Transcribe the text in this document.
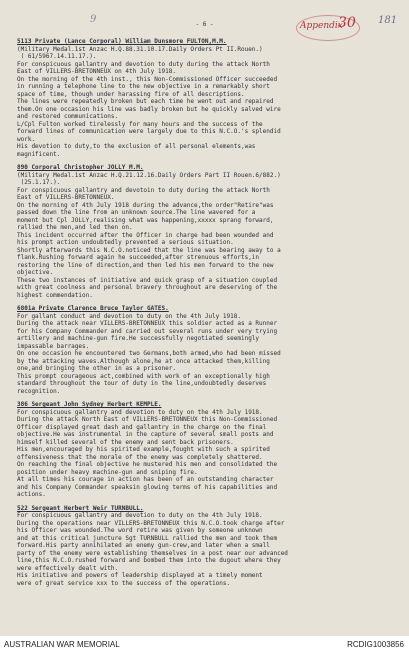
9
Appendix
30 181
- 6 -
5113 Private (Lance Corporal) William Dunsmore FULTON,M.M.
(Military Medal.1st Anzac H.Q.88.31.10.17.Daily Orders Pt II.Rouen.)
( 61/5967.14.11.17.).
For conspicuous gallantry and devotion to duty during the attack North
East of VILLERS-BRETONNEUX on 4th July 1918.
On the morning of the 4th inst., this Non-Commissioned Officer succeeded
in running a telephone line to the new objective in a remarkably short
space of time, though under harassing fire of all descriptions.
The lines were repeatedly broken but each time he went out and repaired
them.On one occasion his line was badly broken but he quickly salved wire
and restored communications.
L/Cpl Fulton worked tirelessly for many hours and the success of the
forward lines of communication were largely due to this N.C.O.'s splendid
work.
His devotion to duty,to the exclusion of all personal elements,was
magnificent.
890 Corporal Christopher JOLLY M.M.
(Military Medal.1st Anzac H.Q.21.12.16.Daily Orders Part II Rouen.6/882.)
(25.1.17.).
For conspicuous gallantry and devotoin to duty during the attack North
East of VILLERS-BRETONNEUX.
On the morning of 4th July 1918 during the advance,the order"Retire"was
passed down the line from an unknown source.The line wavered for a
moment but Cpl JOLLY,realising what was happening,xxxxx sprang forward,
rallied the men,and led then on.
This incident occurred after the Officer in charge had been wounded and
his prompt action undoubtedly prevented a serious situation.
Shortly afterwards this N.C.O.noticed that the line was bearing away to a
flank.Rushing forward again he succeeded,after strenuous efforts,in
restoring the line of direction,and then led his men forward to the new
objective.
These two instances of initiative and quick grasp of a situation coupled
with great coolness and personal bravery throughout are deserving of the
highest commendation.
6801a Private Clarence Bruce Taylor GATES.
For gallant conduct and devotion to duty on the 4th July 1918.
During the attack near VILLERS-BRETONNEUX this soldier acted as a Runner
for his Company Commander and carried out several runs under very trying
artillery and machine-gun fire.He successfully negotiated seemingly
impassable barrages.
On one occasion he encountered two Germans,both armed,who had been missed
by the attacking waves.Although alone,he at once attacked them,killing
one,and bringing the other in as a prisoner.
This prompt courageous act,combined with work of an exceptionally high
standard throughout the tour of duty in the line,undoubtedly deserves
recognition.
386 Sergeant John Sydney Herbert KEMPLE.
For conspicuous gallantry and devotion to duty on the 4th July 1918.
During the attack North East of VILLERS-BRETONNEUX this Non-Commissioned
Officer displayed great dash and gallantry in the charge on the final
objective.He was instrumental in the capture of several small posts and
himself killed several of the enemy and sent back prisoners.
His men,encouraged by his spirited example,fought with such a spirited
offensiveness that the morale of the enemy was completely shattered.
On reaching the final objective he mustered his men and consolidated the
position under heavy machine-gun and sniping fire.
At all times his courage in action has been of an outstanding character
and his Company Commander speaksin glowing terms of his capabilities and
actions.
522 Sergeant Herbert Weir TURNBULL.
For conspicuous gallantry and devotion to duty on the 4th July 1918.
During the operations near VILLERS-BRETONNEUX this N.C.O.took charge after
his Officer was wounded.The word retire was given by someone unknown
and at this critical juncture Sgt TURNBULL rallied the men and took them
forward.His party annihilated an enemy gun-crew,and later when a small
party of the enemy were establishing themselves in a post near our advanced
line,this N.C.O.rushed forward and bombed them into the dugout where they
were effectively dealt with.
His initiative and powers of leadership displayed at a timely moment
were of great service xxx to the success of the operations.
AUSTRALIAN WAR MEMORIAL	RCDIG1003856
